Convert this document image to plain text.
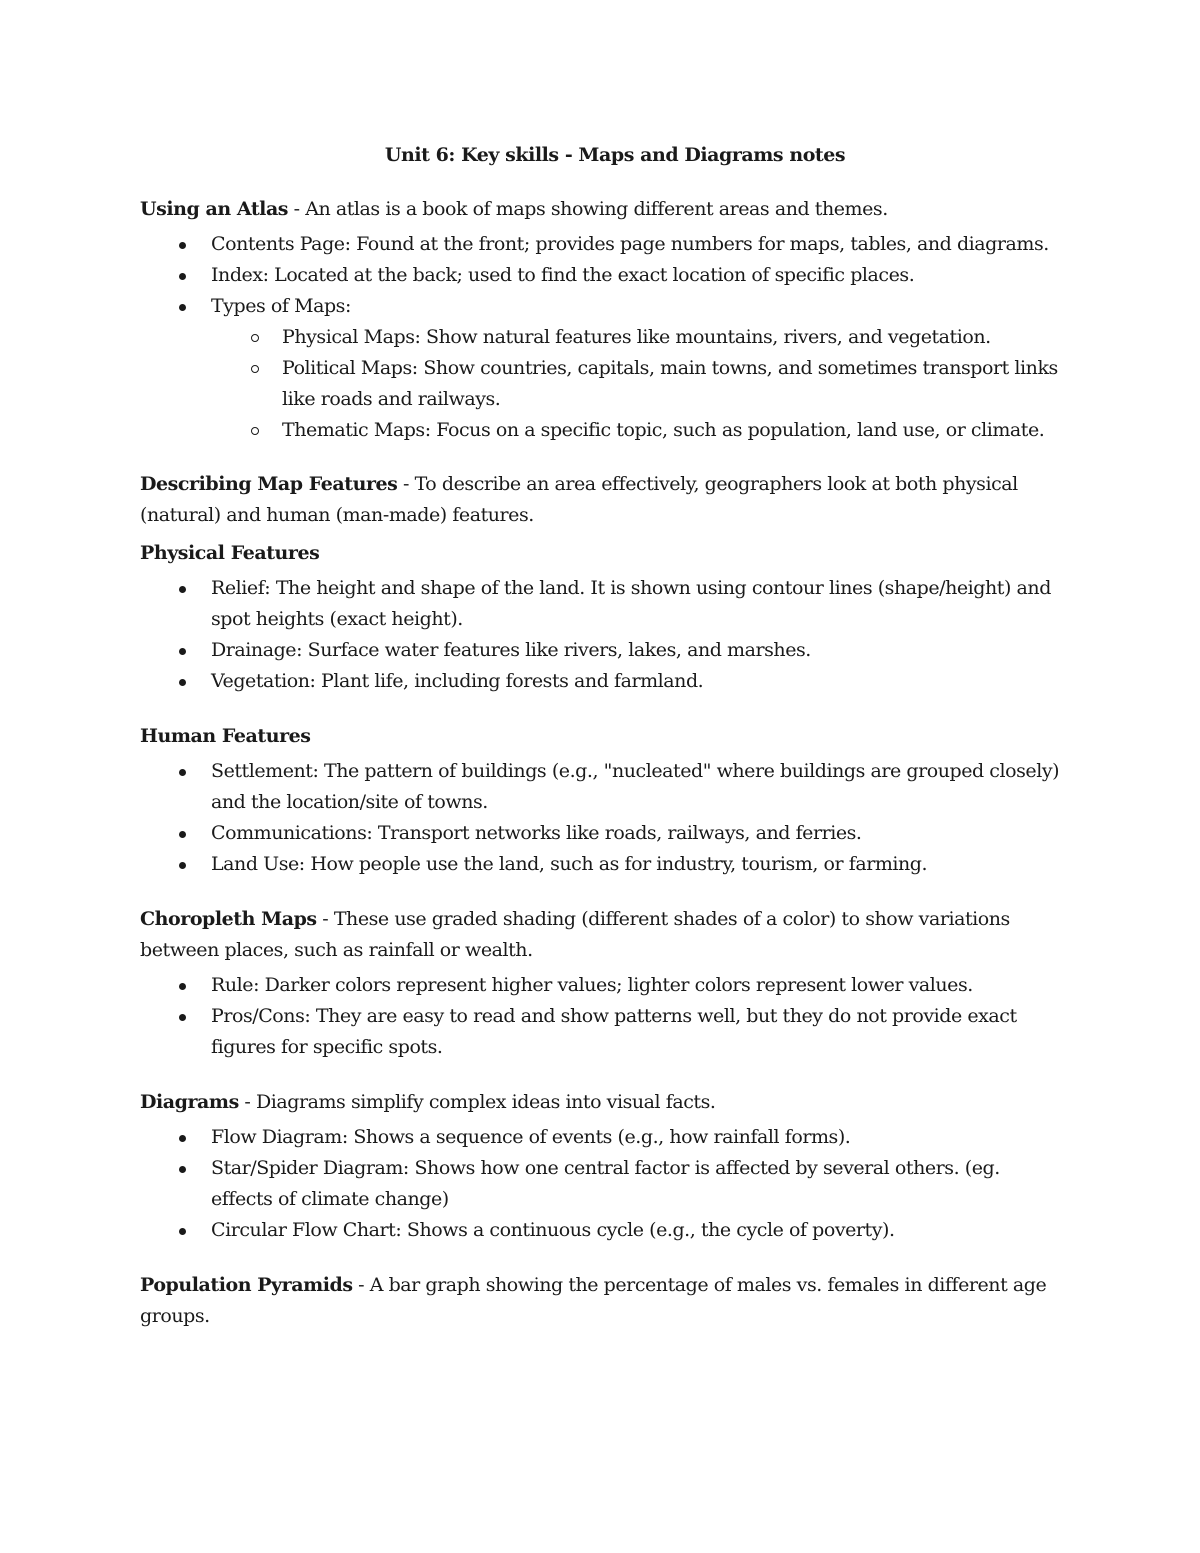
Unit 6: Key skills - Maps and Diagrams notes

Using an Atlas - An atlas is a book of maps showing different areas and themes.

Contents Page: Found at the front; provides page numbers for maps, tables, and diagrams.
Index: Located at the back; used to find the exact location of specific places.
Types of Maps:
Physical Maps: Show natural features like mountains, rivers, and vegetation.
Political Maps: Show countries, capitals, main towns, and sometimes transport links like roads and railways.
Thematic Maps: Focus on a specific topic, such as population, land use, or climate.

Describing Map Features - To describe an area effectively, geographers look at both physical (natural) and human (man-made) features.

Physical Features

Relief: The height and shape of the land. It is shown using contour lines (shape/height) and spot heights (exact height).
Drainage: Surface water features like rivers, lakes, and marshes.
Vegetation: Plant life, including forests and farmland.

Human Features

Settlement: The pattern of buildings (e.g., "nucleated" where buildings are grouped closely) and the location/site of towns.
Communications: Transport networks like roads, railways, and ferries.
Land Use: How people use the land, such as for industry, tourism, or farming.

Choropleth Maps - These use graded shading (different shades of a color) to show variations between places, such as rainfall or wealth.

Rule: Darker colors represent higher values; lighter colors represent lower values.
Pros/Cons: They are easy to read and show patterns well, but they do not provide exact figures for specific spots.

Diagrams - Diagrams simplify complex ideas into visual facts.

Flow Diagram: Shows a sequence of events (e.g., how rainfall forms).
Star/Spider Diagram: Shows how one central factor is affected by several others. (eg. effects of climate change)
Circular Flow Chart: Shows a continuous cycle (e.g., the cycle of poverty).

Population Pyramids - A bar graph showing the percentage of males vs. females in different age groups.
